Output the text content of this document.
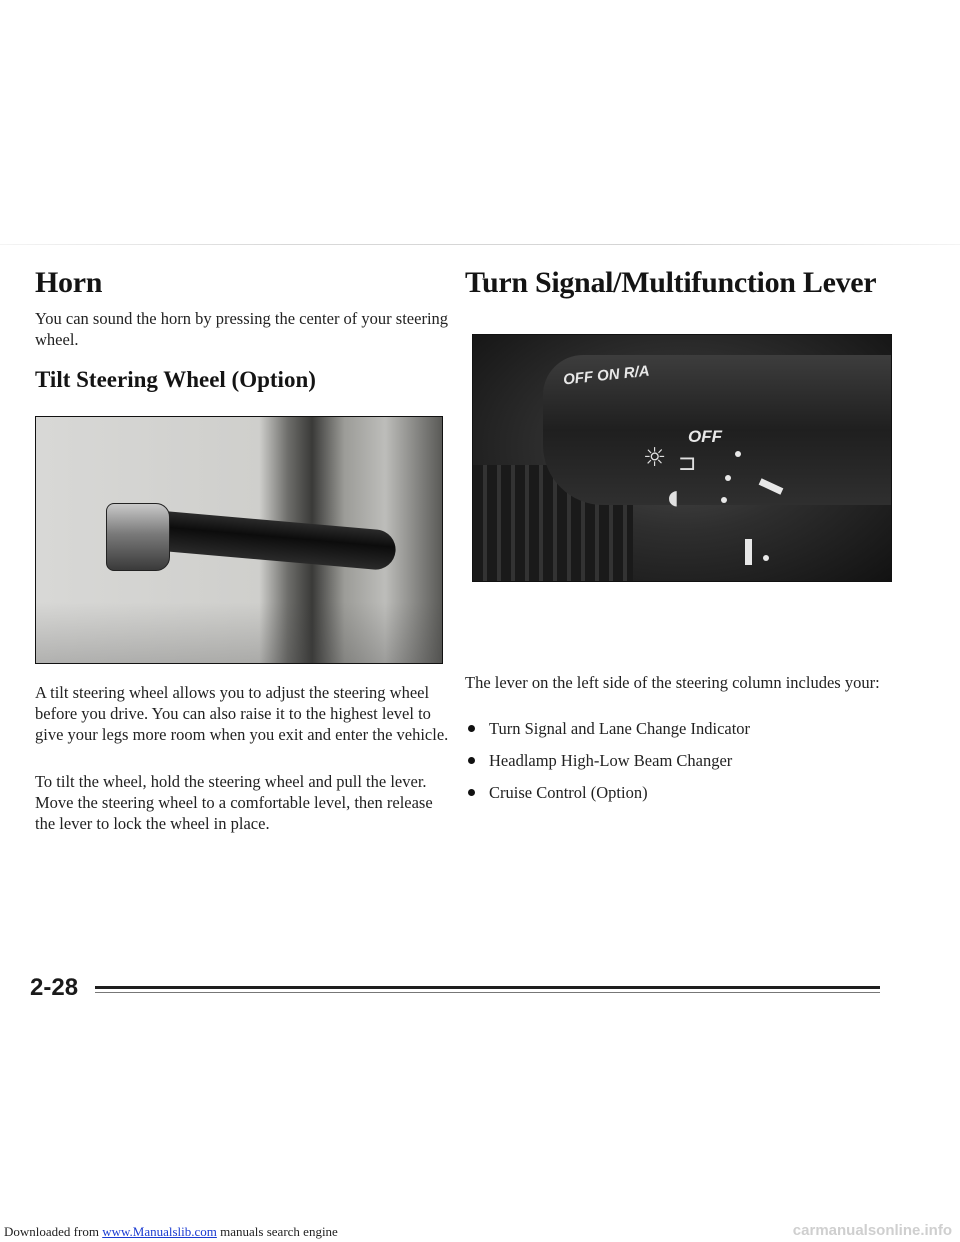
Horn

You can sound the horn by pressing the center of your steering wheel.

Tilt Steering Wheel (Option)

A tilt steering wheel allows you to adjust the steering wheel before you drive. You can also raise it to the highest level to give your legs more room when you exit and enter the vehicle.

To tilt the wheel, hold the steering wheel and pull the lever. Move the steering wheel to a comfortable level, then release the lever to lock the wheel in place.

Turn Signal/Multifunction Lever
OFF ON R/A
OFF
☼ ⊐
◖

The lever on the left side of the steering column includes your:

Turn Signal and Lane Change Indicator
Headlamp High-Low Beam Changer
Cruise Control (Option)
2-28
Downloaded from www.Manualslib.com manuals search engine	carmanualsonline.info
